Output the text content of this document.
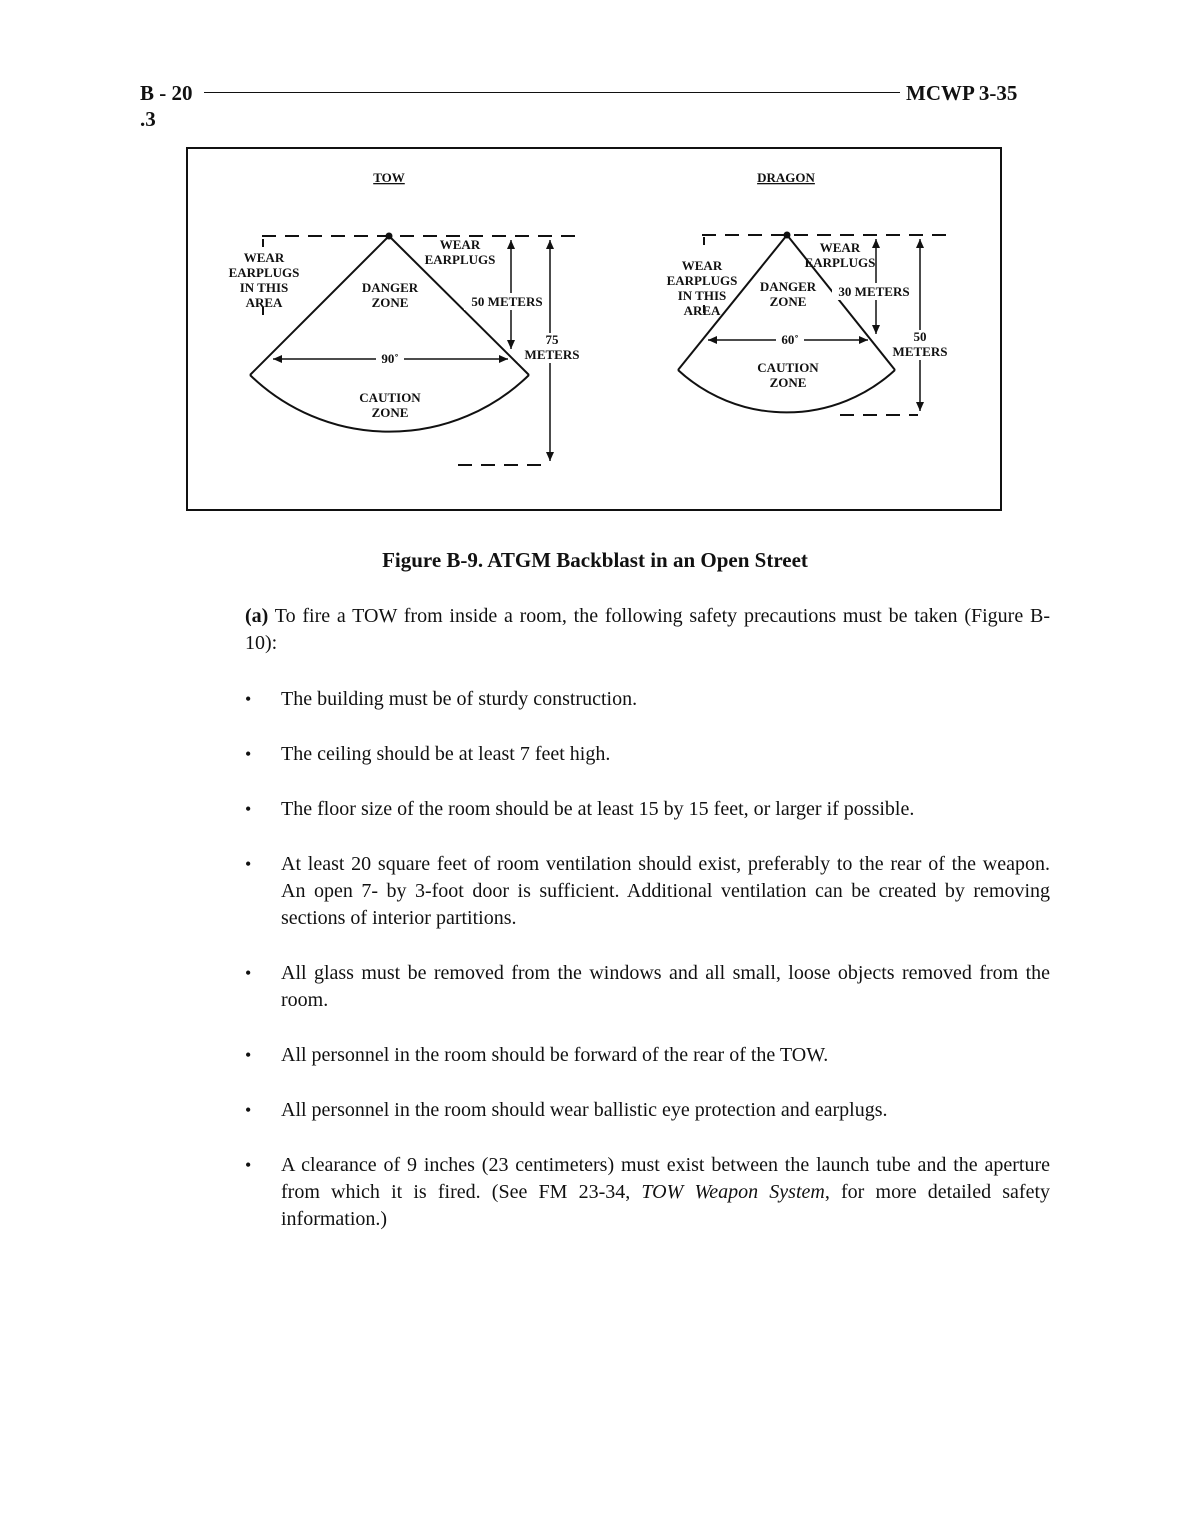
B - 20
.3
MCWP 3-35
TOW
90˚
50 METERS
75
METERS
WEAR
EARPLUGS
IN THIS
AREA
WEAR
EARPLUGS
DANGER
ZONE
CAUTION
ZONE
DRAGON
60˚
30 METERS
50
METERS
WEAR
EARPLUGS
IN THIS
AREA
WEAR
EARPLUGS
DANGER
ZONE
CAUTION
ZONE
Figure B-9. ATGM Backblast in an Open Street
(a) To fire a TOW from inside a room, the following safety precautions must be taken (Figure B-10):
• The building must be of sturdy construction.
• The ceiling should be at least 7 feet high.
• The floor size of the room should be at least 15 by 15 feet, or larger if possible.
• At least 20 square feet of room ventilation should exist, preferably to the rear of the weapon. An open 7- by 3-foot door is sufficient. Additional ventilation can be created by removing sections of interior partitions.
• All glass must be removed from the windows and all small, loose objects removed from the room.
• All personnel in the room should be forward of the rear of the TOW.
• All personnel in the room should wear ballistic eye protection and earplugs.
• A clearance of 9 inches (23 centimeters) must exist between the launch tube and the aperture from which it is fired. (See FM 23-34, TOW Weapon System, for more detailed safety information.)
